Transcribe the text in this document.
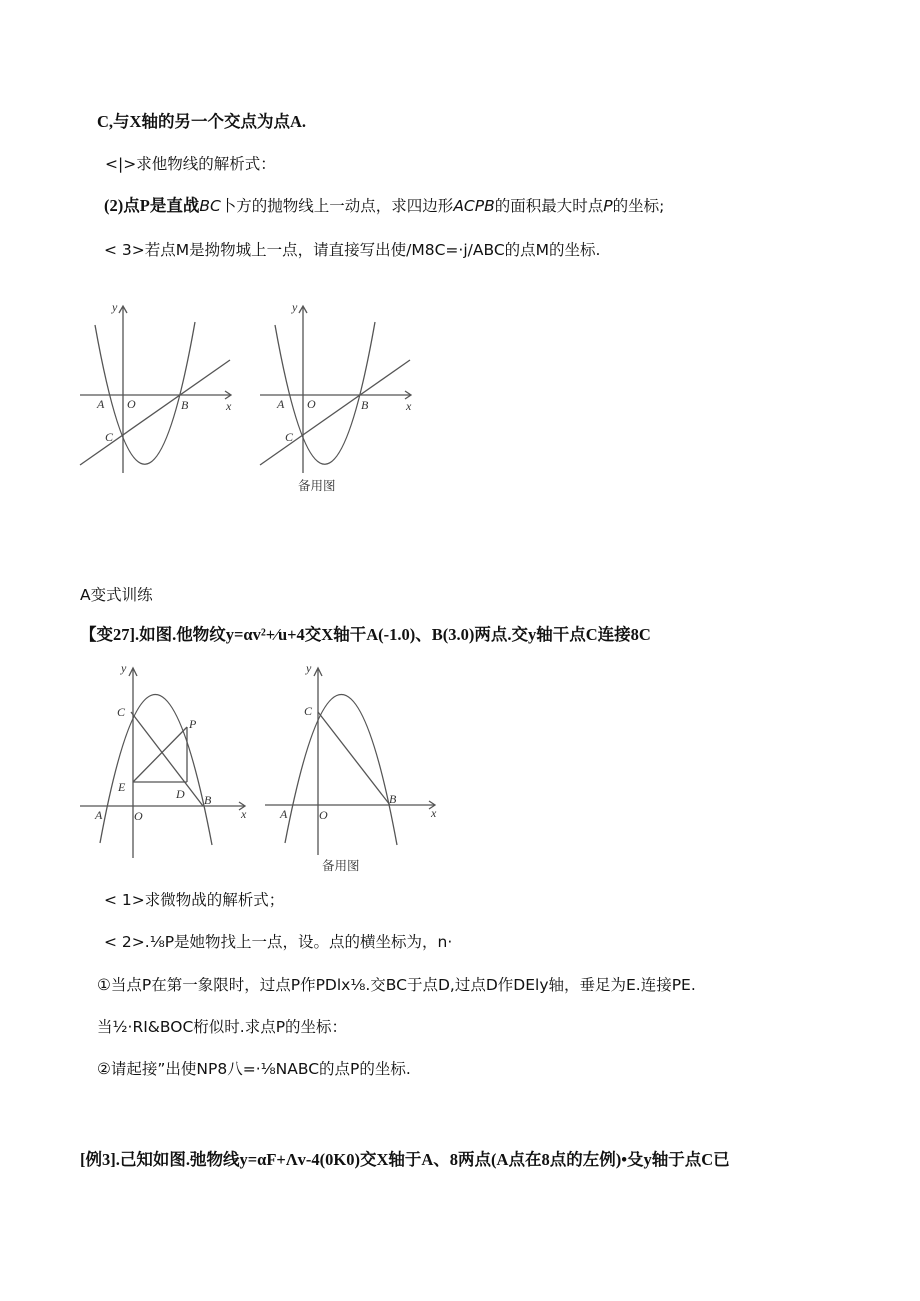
C,与X轴的另一个交点为点A.
<|>求他物线的解析式：
(2)点P是直战BC卜方的抛物线上一动点，求四边形ACPB的面积最大时点P的坐标;
< 3>若点M是拗物城上一点，请直接写出使/M8C=·j/ABC的点M的坐标.
y
x
A O	B
C
y
x
A O	B
C
备用图
A变式训练
【变27].如图.他物纹y=αv²+⁄u+4交X轴干A(-1.0)、B(3.0)两点.交y轴干点C连接8C
y
x
A	O
B
C
P
D
E
y
x
A	O
B
C
备用图
< 1>求微物战的解析式；
< 2>.⅛P是她物找上一点，设。点的横坐标为，n·
①当点P在第一象限时，过点P作PDlx⅛.交BC于点D,过点D作DEly轴，垂足为E.连接PE.
当½·RI&BOC桁似时.求点P的坐标：
②请起接”出使NP8八=·⅛NABC的点P的坐标.
[例3].己知如图.弛物线y=αF+Λv-4(0K0)交X轴于A、8两点(A点在8点的左例)•殳y轴于点C已
